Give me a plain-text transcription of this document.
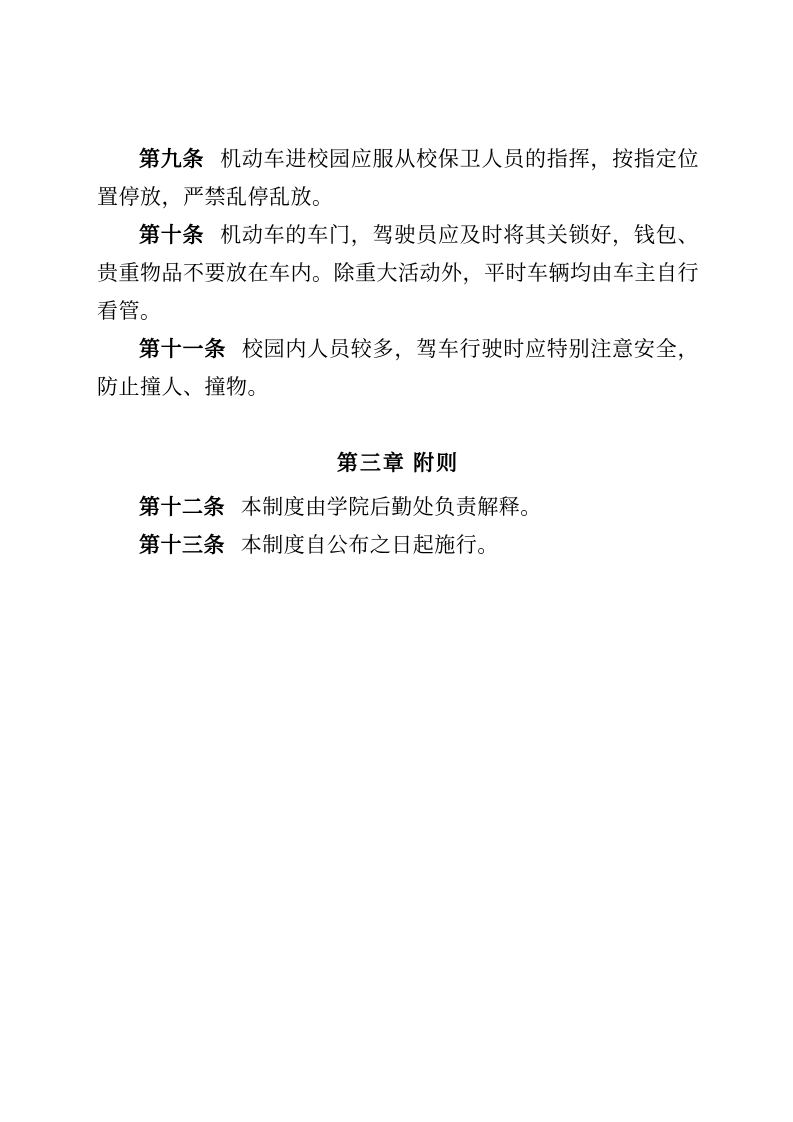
第九条 机动车进校园应服从校保卫人员的指挥，按指定位置停放，严禁乱停乱放。

第十条 机动车的车门，驾驶员应及时将其关锁好，钱包、贵重物品不要放在车内。除重大活动外，平时车辆均由车主自行看管。

第十一条 校园内人员较多，驾车行驶时应特别注意安全，防止撞人、撞物。

第三章 附则

第十二条 本制度由学院后勤处负责解释。

第十三条 本制度自公布之日起施行。
